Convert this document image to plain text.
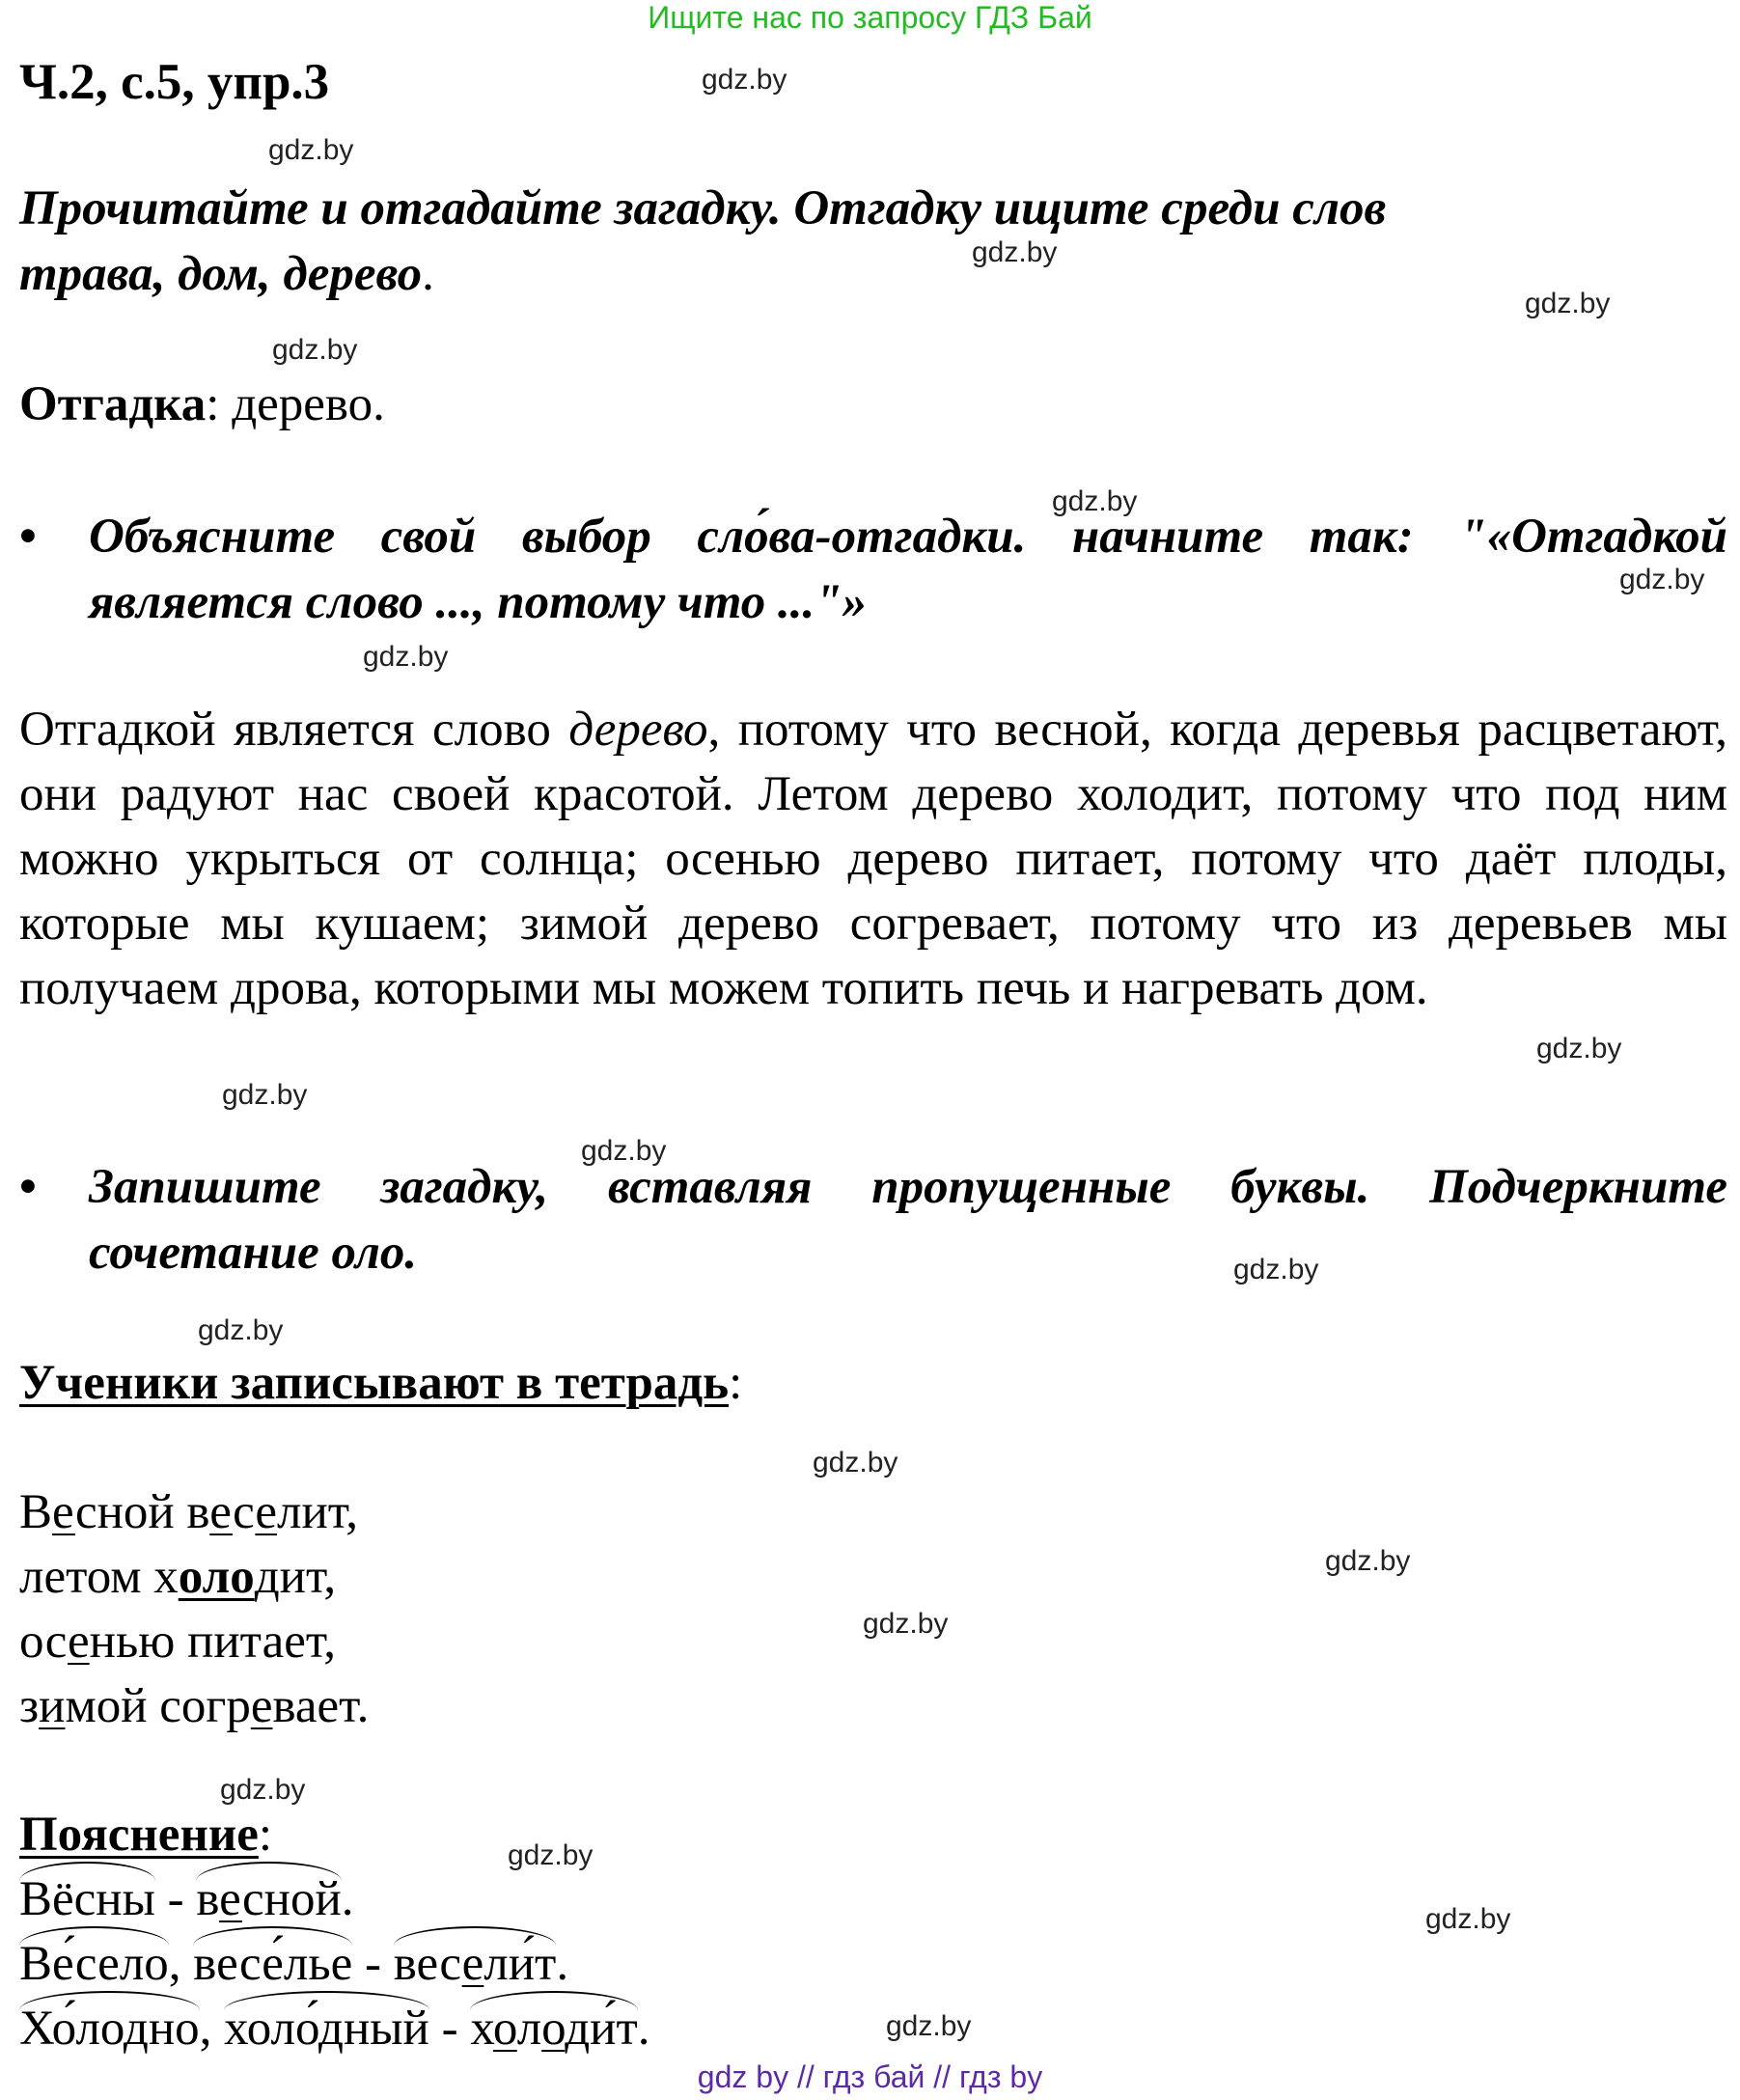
Ищите нас по запросу ГДЗ Бай
Ч.2, с.5, упр.3	gdz.by
gdz.by
gdz.by
gdz.by
gdz.by
gdz.by
gdz.by
gdz.by
gdz.by
gdz.by
gdz.by
gdz.by
gdz.by
gdz.by
gdz.by
gdz.by
gdz.by
gdz.by
gdz.by
gdz.by
Прочитайте и отгадайте загадку. Отгадку ищите среди слов
трава, дом, дерево.
Отгадка: дерево.
• Объясните свой выбор сло́ва-отгадки. начните так: "«Отгадкой является слово ..., потому что ..."»
Отгадкой является слово дерево, потому что весной, когда деревья расцветают, они радуют нас своей красотой. Летом дерево холодит, потому что под ним можно укрыться от солнца; осенью дерево питает, потому что даёт плоды, которые мы кушаем; зимой дерево согревает, потому что из деревьев мы получаем дрова, которыми мы можем топить печь и нагревать дом.
• Запишите загадку, вставляя пропущенные буквы. Подчеркните сочетание оло.
Ученики записывают в тетрадь:
Весной веселит,
летом холодит,
осенью питает,
зимой согревает.
Пояснение:
Вёсны -
весной.
Ве́село,
весе́лье -
весели́т.
Хо́лодно,
холо́дный -
холоди́т.
gdz by // гдз бай // гдз by
